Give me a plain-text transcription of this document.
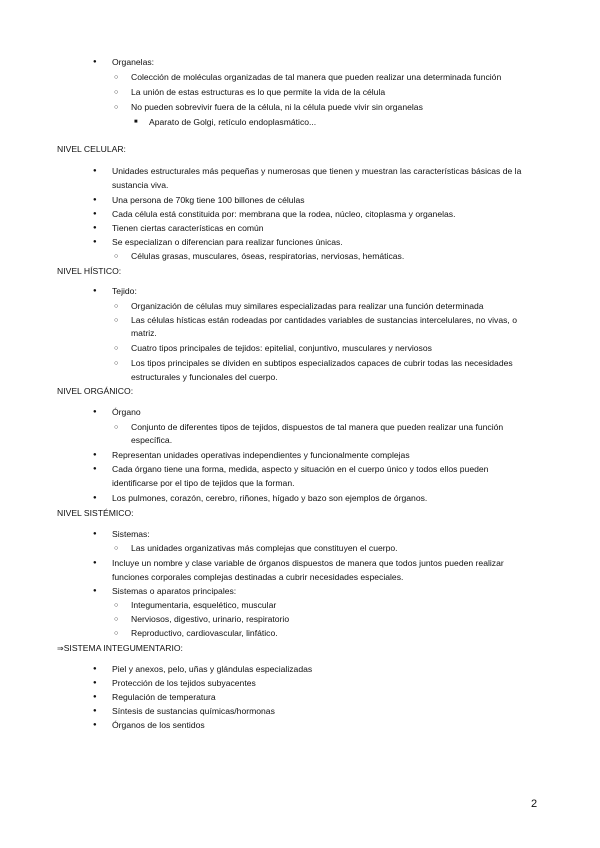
● Organelas:
○ Colección de moléculas organizadas de tal manera que pueden realizar una determinada función
○ La unión de estas estructuras es lo que permite la vida de la célula
○ No pueden sobrevivir fuera de la célula, ni la célula puede vivir sin organelas
■ Aparato de Golgi, retículo endoplasmático...
NIVEL CELULAR:
● Unidades estructurales más pequeñas y numerosas que tienen y muestran las características básicas de la
sustancia viva.
● Una persona de 70kg tiene 100 billones de células
● Cada célula está constituida por: membrana que la rodea, núcleo, citoplasma y organelas.
● Tienen ciertas características en común
● Se especializan o diferencian para realizar funciones únicas.
○ Células grasas, musculares, óseas, respiratorias, nerviosas, hemáticas.
NIVEL HÍSTICO:
● Tejido:
○ Organización de células muy similares especializadas para realizar una función determinada
○ Las células hísticas están rodeadas por cantidades variables de sustancias intercelulares, no vivas, o
matriz.
○ Cuatro tipos principales de tejidos: epitelial, conjuntivo, musculares y nerviosos
○ Los tipos principales se dividen en subtipos especializados capaces de cubrir todas las necesidades
estructurales y funcionales del cuerpo.
NIVEL ORGÁNICO:
● Órgano
○ Conjunto de diferentes tipos de tejidos, dispuestos de tal manera que pueden realizar una función
específica.
● Representan unidades operativas independientes y funcionalmente complejas
● Cada órgano tiene una forma, medida, aspecto y situación en el cuerpo único y todos ellos pueden
identificarse por el tipo de tejidos que la forman.
● Los pulmones, corazón, cerebro, riñones, hígado y bazo son ejemplos de órganos.
NIVEL SISTÉMICO:
● Sistemas:
○ Las unidades organizativas más complejas que constituyen el cuerpo.
● Incluye un nombre y clase variable de órganos dispuestos de manera que todos juntos pueden realizar
funciones corporales complejas destinadas a cubrir necesidades especiales.
● Sistemas o aparatos principales:
○ Integumentaria, esquelético, muscular
○ Nerviosos, digestivo, urinario, respiratorio
○ Reproductivo, cardiovascular, linfático.
⇒SISTEMA INTEGUMENTARIO:
● Piel y anexos, pelo, uñas y glándulas especializadas
● Protección de los tejidos subyacentes
● Regulación de temperatura
● Síntesis de sustancias químicas/hormonas
● Órganos de los sentidos
2
